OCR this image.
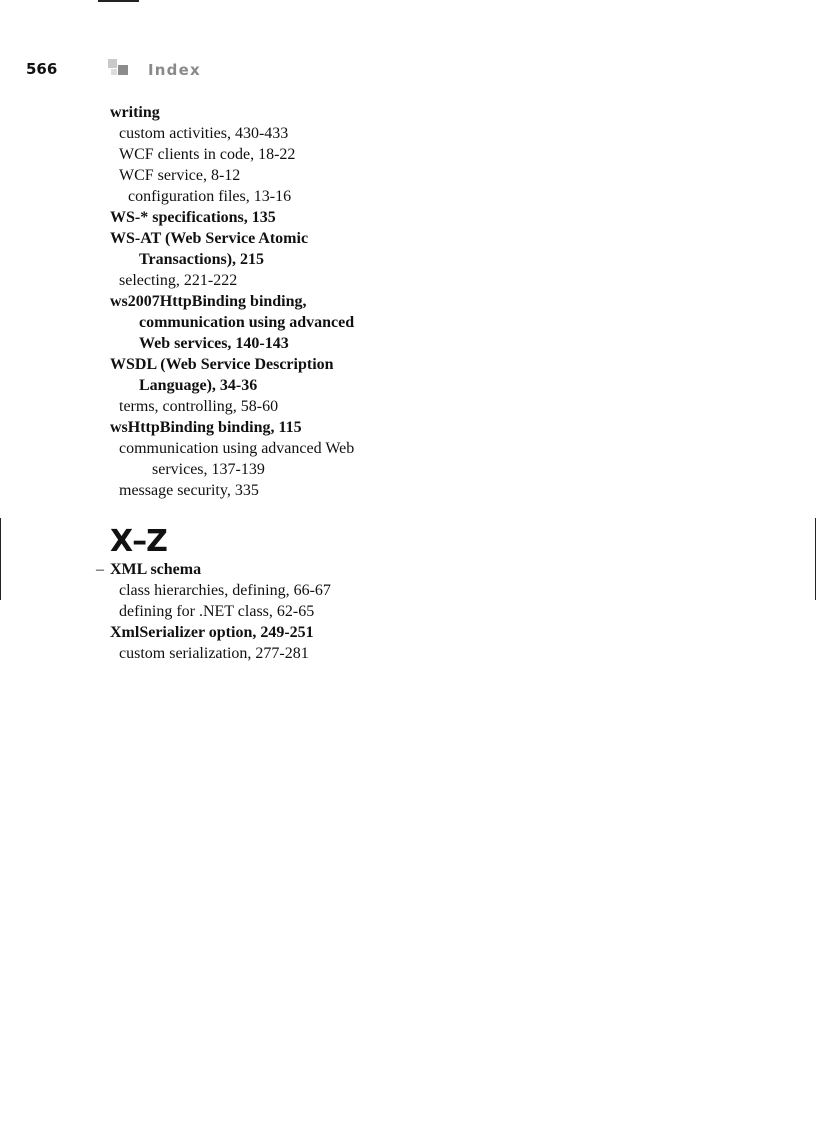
566	Index
writing
custom activities, 430-433
WCF clients in code, 18-22
WCF service, 8-12
configuration files, 13-16
WS-* specifications, 135
WS-AT (Web Service Atomic
Transactions), 215
selecting, 221-222
ws2007HttpBinding binding,
communication using advanced
Web services, 140-143
WSDL (Web Service Description
Language), 34-36
terms, controlling, 58-60
wsHttpBinding binding, 115
communication using advanced Web
services, 137-139
message security, 335
X–Z
– XML schema
class hierarchies, defining, 66-67
defining for .NET class, 62-65
XmlSerializer option, 249-251
custom serialization, 277-281
